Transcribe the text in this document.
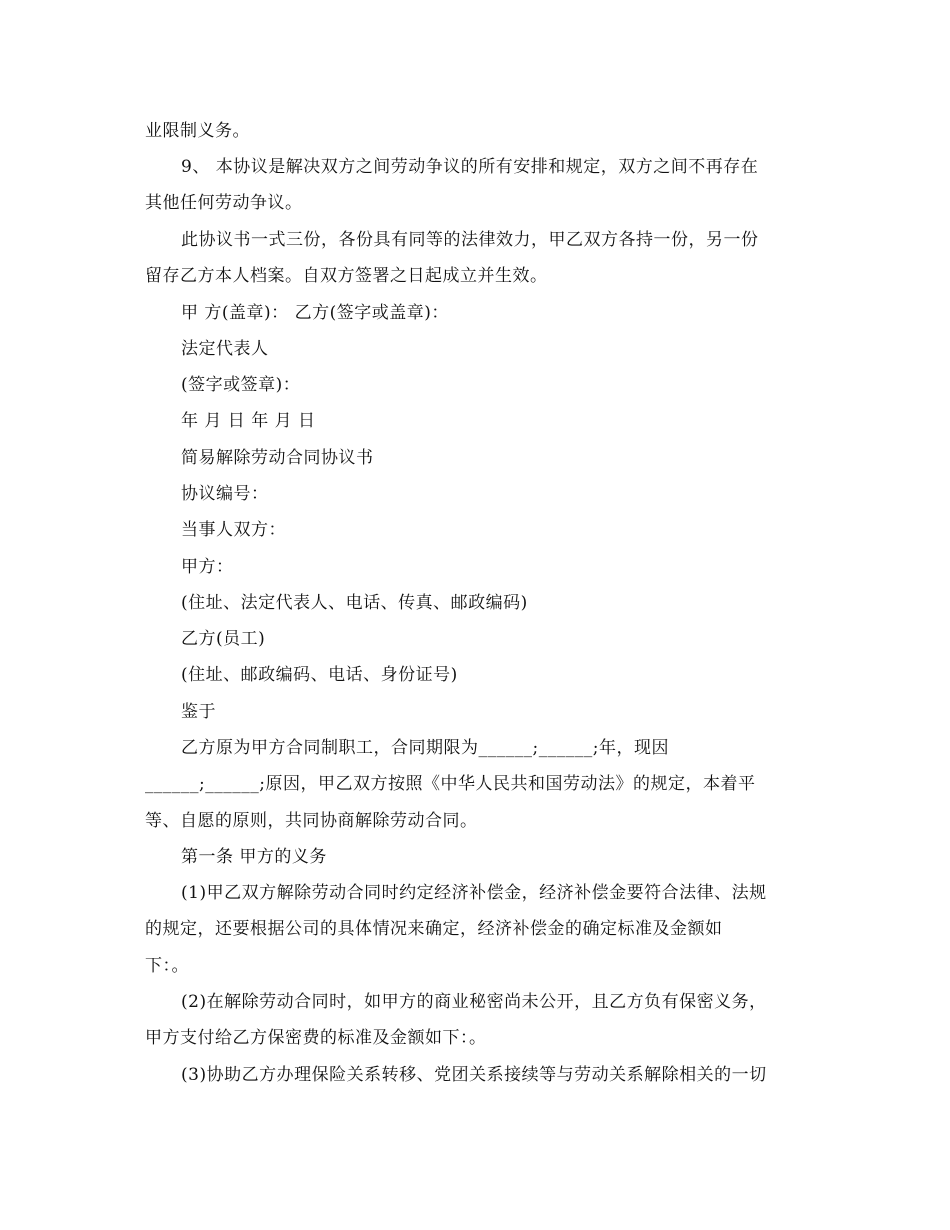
业限制义务。
9、 本协议是解决双方之间劳动争议的所有安排和规定，双方之间不再存在
其他任何劳动争议。
此协议书一式三份，各份具有同等的法律效力，甲乙双方各持一份，另一份
留存乙方本人档案。自双方签署之日起成立并生效。
甲 方(盖章)： 乙方(签字或盖章)：
法定代表人
(签字或签章)：
年 月 日 年 月 日
简易解除劳动合同协议书
协议编号：
当事人双方：
甲方：
(住址、法定代表人、电话、传真、邮政编码)
乙方(员工)
(住址、邮政编码、电话、身份证号)
鉴于
乙方原为甲方合同制职工，合同期限为______;______;年，现因
______;______;原因，甲乙双方按照《中华人民共和国劳动法》的规定，本着平
等、自愿的原则，共同协商解除劳动合同。
第一条 甲方的义务
(1)甲乙双方解除劳动合同时约定经济补偿金，经济补偿金要符合法律、法规
的规定，还要根据公司的具体情况来确定，经济补偿金的确定标准及金额如
下：。
(2)在解除劳动合同时，如甲方的商业秘密尚未公开，且乙方负有保密义务，
甲方支付给乙方保密费的标准及金额如下：。
(3)协助乙方办理保险关系转移、党团关系接续等与劳动关系解除相关的一切
